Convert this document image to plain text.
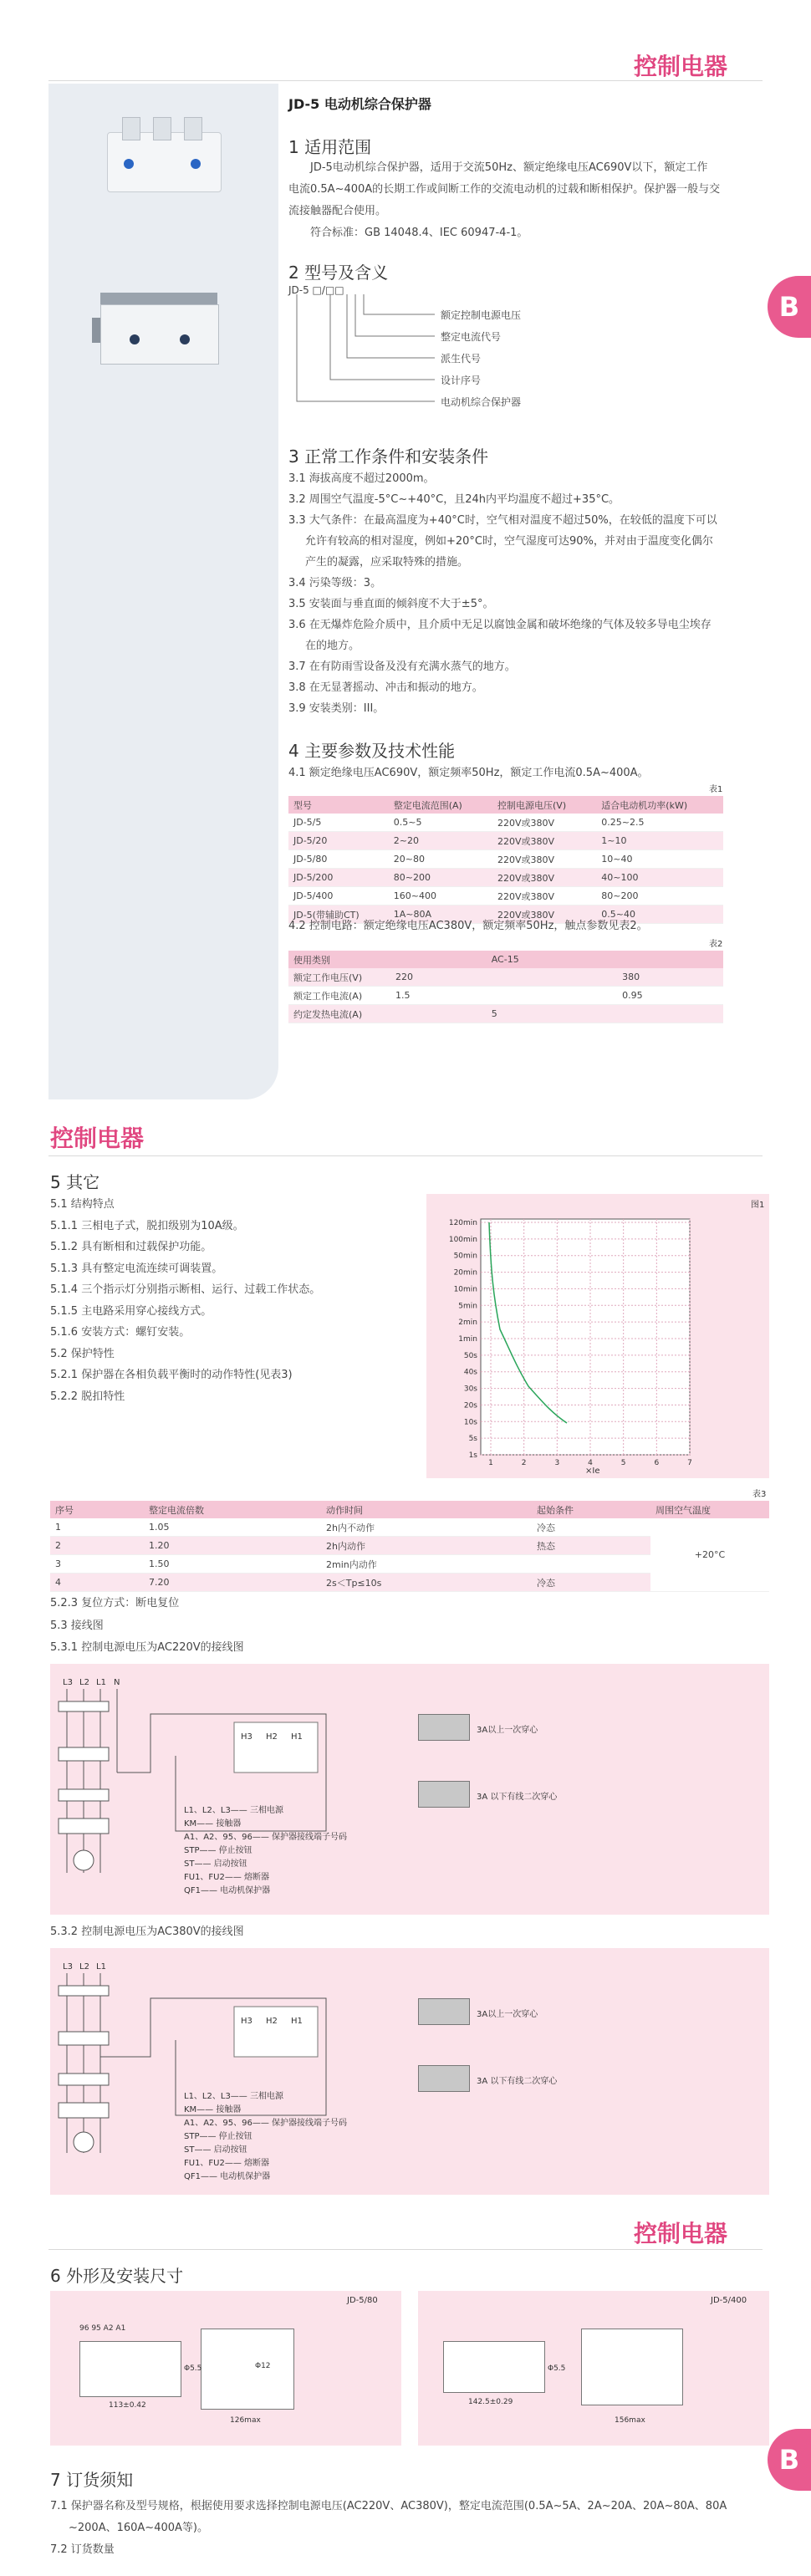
控制电器
B
JD-5 电动机综合保护器
1 适用范围
JD-5电动机综合保护器，适用于交流50Hz、额定绝缘电压AC690V以下，额定工作
电流0.5A~400A的长期工作或间断工作的交流电动机的过载和断相保护。保护器一般与交
流接触器配合使用。
符合标准：GB 14048.4、IEC 60947-4-1。
2 型号及含义
JD-5 □/□□
额定控制电源电压
整定电流代号
派生代号
设计序号
电动机综合保护器
3 正常工作条件和安装条件
3.1 海拔高度不超过2000m。
3.2 周围空气温度-5°C~+40°C，且24h内平均温度不超过+35°C。
3.3 大气条件：在最高温度为+40°C时，空气相对温度不超过50%，在较低的温度下可以
允许有较高的相对湿度，例如+20°C时，空气湿度可达90%，并对由于温度变化偶尔
产生的凝露，应采取特殊的措施。
3.4 污染等级：3。
3.5 安装面与垂直面的倾斜度不大于±5°。
3.6 在无爆炸危险介质中，且介质中无足以腐蚀金属和破坏绝缘的气体及较多导电尘埃存
在的地方。
3.7 在有防雨雪设备及没有充满水蒸气的地方。
3.8 在无显著摇动、冲击和振动的地方。
3.9 安装类别：III。
4 主要参数及技术性能
4.1 额定绝缘电压AC690V，额定频率50Hz，额定工作电流0.5A~400A。
表1
型号	整定电流范围(A)	控制电源电压(V)	适合电动机功率(kW)
JD-5/5	0.5~5	220V或380V	0.25~2.5
JD-5/20	2~20	220V或380V	1~10
JD-5/80	20~80	220V或380V	10~40
JD-5/200	80~200	220V或380V	40~100
JD-5/400	160~400	220V或380V	80~200
JD-5(带辅助CT)	1A~80A	220V或380V	0.5~40
4.2 控制电路：额定绝缘电压AC380V，额定频率50Hz，触点参数见表2。
表2
使用类别		AC-15	
额定工作电压(V)	220		380
额定工作电流(A)	1.5		0.95
约定发热电流(A)		5	
控制电器
5 其它
5.1 结构特点
5.1.1 三相电子式，脱扣级别为10A级。
5.1.2 具有断相和过载保护功能。
5.1.3 具有整定电流连续可调装置。
5.1.4 三个指示灯分别指示断相、运行、过载工作状态。
5.1.5 主电路采用穿心接线方式。
5.1.6 安装方式：螺钉安装。
5.2 保护特性
5.2.1 保护器在各相负载平衡时的动作特性(见表3)
5.2.2 脱扣特性
图1
120min
100min
50min
20min
10min
5min
2min
1min
50s
40s
30s
20s
10s
5s
1s
1	2	3	4	5	6	7
×Ie
表3
序号	整定电流倍数	动作时间	起始条件	周围空气温度
1	1.05	2h内不动作	冷态	+20°C
2	1.20	2h内动作	热态	
3	1.50	2min内动作		
4	7.20	2s＜Tp≤10s	冷态	
5.2.3 复位方式：断电复位
5.3 接线图
5.3.1 控制电源电压为AC220V的接线图
L3 L2 L1 N
H3 H2 H1
L1、L2、L3—— 三相电源
KM—— 接触器
A1、A2、95、96—— 保护器接线端子号码
STP—— 停止按钮
ST—— 启动按钮
FU1、FU2—— 熔断器
QF1—— 电动机保护器
3A以上一次穿心
3A 以下有线二次穿心
5.3.2 控制电源电压为AC380V的接线图
L3 L2 L1
H3 H2 H1
L1、L2、L3—— 三相电源
KM—— 接触器
A1、A2、95、96—— 保护器接线端子号码
STP—— 停止按钮
ST—— 启动按钮
FU1、FU2—— 熔断器
QF1—— 电动机保护器
3A以上一次穿心
3A 以下有线二次穿心
控制电器
6 外形及安装尺寸
JD-5/80
96 95 A2 A1
113±0.42
126max
Φ5.5	Φ12
JD-5/400
142.5±0.29
156max
Φ5.5
B
7 订货须知
7.1 保护器名称及型号规格，根据使用要求选择控制电源电压(AC220V、AC380V)，整定电流范围(0.5A~5A、2A~20A、20A~80A、80A
~200A、160A~400A等)。
7.2 订货数量
